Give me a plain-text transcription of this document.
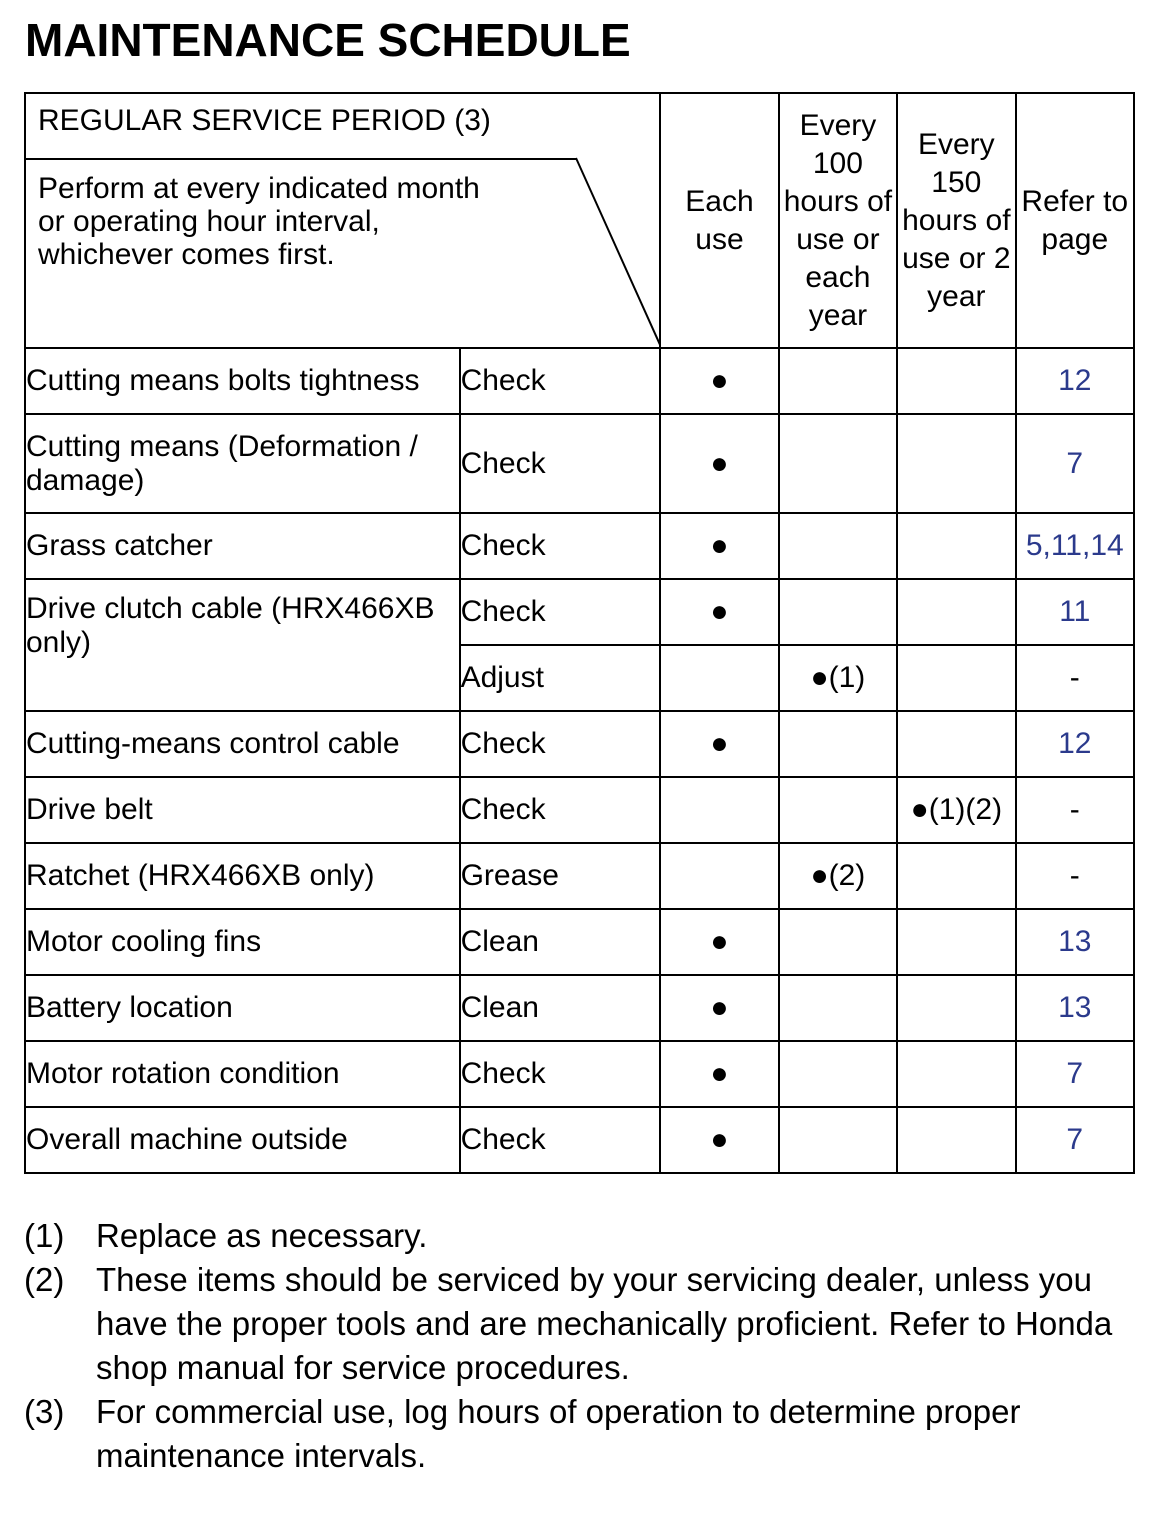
MAINTENANCE SCHEDULE
REGULAR SERVICE PERIOD (3)
Perform at every indicated month or operating hour interval, whichever comes first.		Each use	Every 100 hours of use or each year	Every 150 hours of use or 2 year	Refer to page
Cutting means bolts tightness	Check	●			12
Cutting means (Deformation / damage)	Check	●			7
Grass catcher	Check	●			5,11,14
Drive clutch cable (HRX466XB only)	Check	●			11
	Adjust		●(1)		-
Cutting-means control cable	Check	●			12
Drive belt	Check			●(1)(2)	-
Ratchet (HRX466XB only)	Grease		●(2)		-
Motor cooling fins	Clean	●			13
Battery location	Clean	●			13
Motor rotation condition	Check	●			7
Overall machine outside	Check	●			7
(1) Replace as necessary.
(2) These items should be serviced by your servicing dealer, unless you have the proper tools and are mechanically proficient. Refer to Honda shop manual for service procedures.
(3) For commercial use, log hours of operation to determine proper maintenance intervals.
